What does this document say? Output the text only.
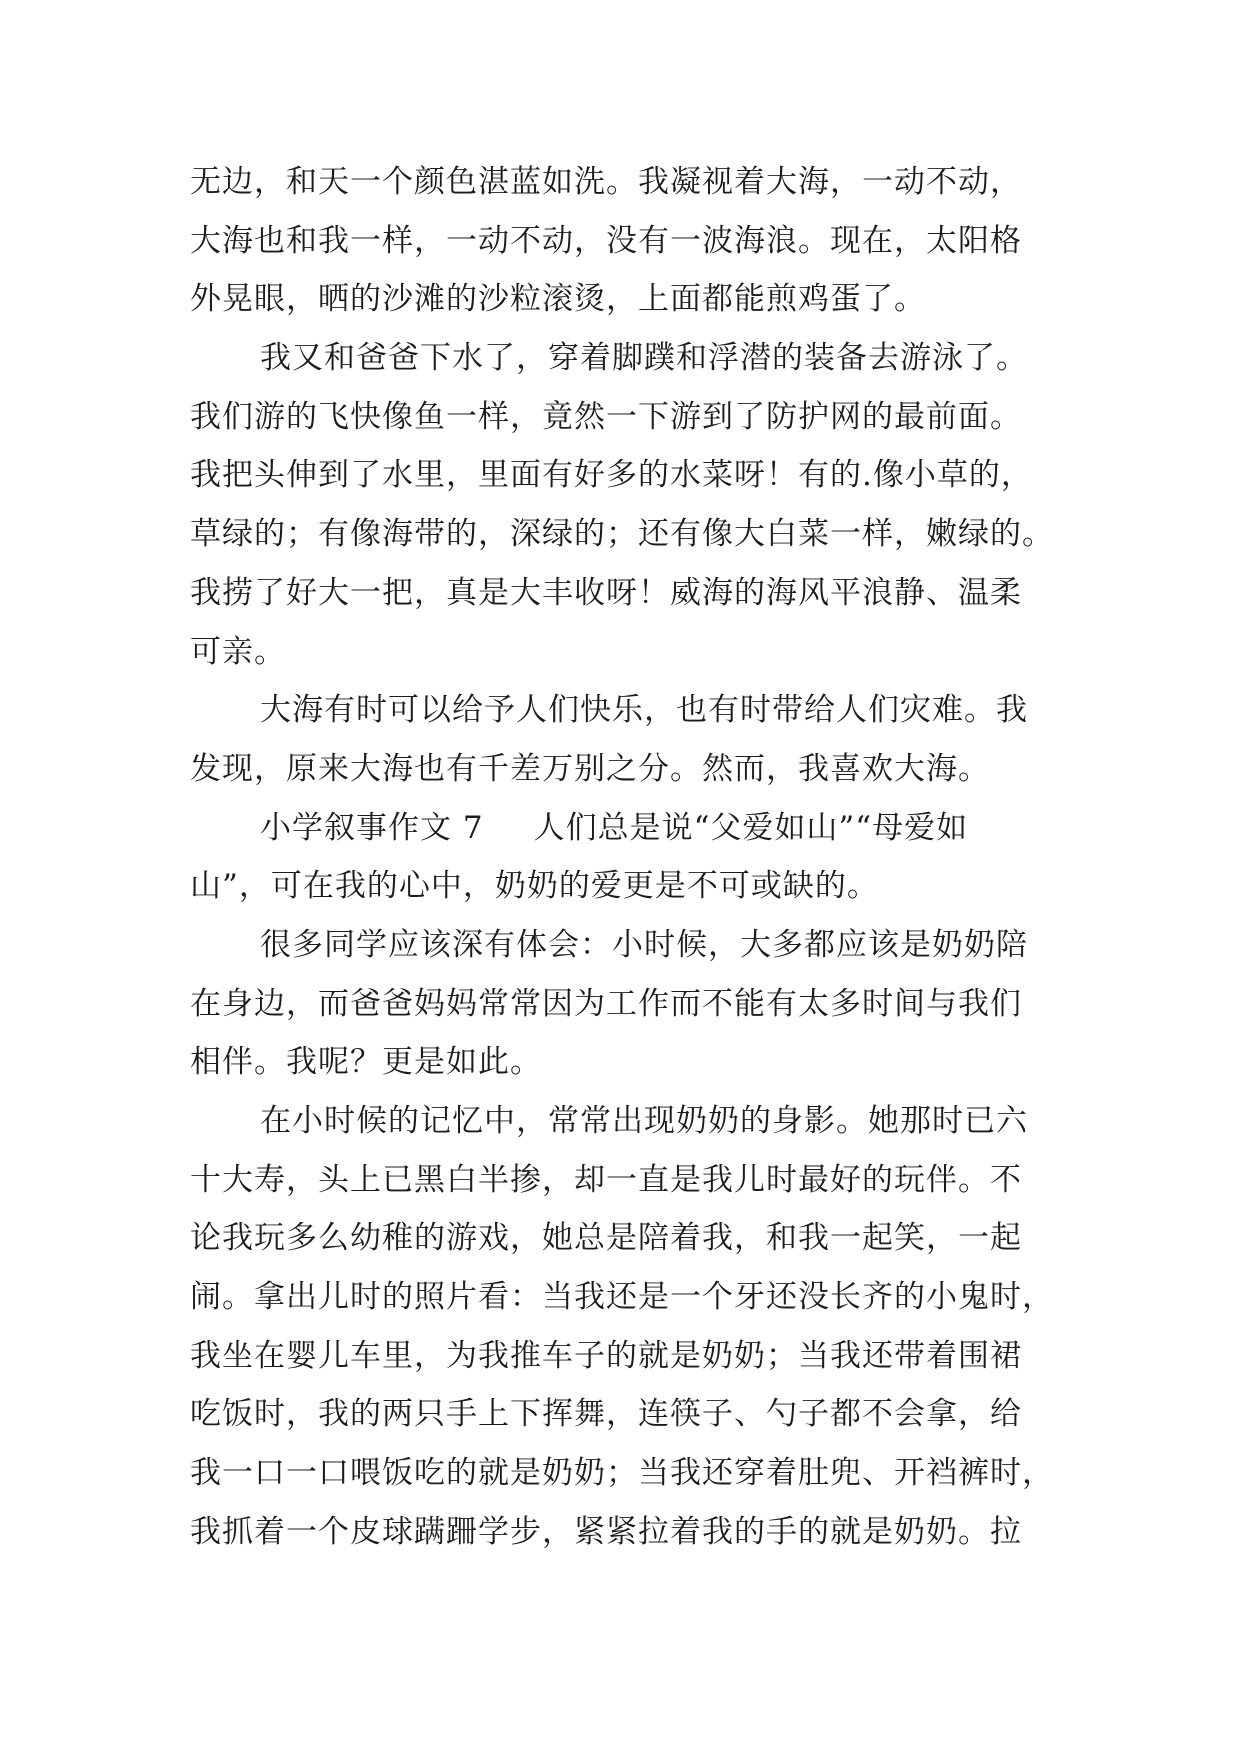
无边，和天一个颜色湛蓝如洗。我凝视着大海，一动不动，
大海也和我一样，一动不动，没有一波海浪。现在，太阳格
外晃眼，晒的沙滩的沙粒滚烫，上面都能煎鸡蛋了。
我又和爸爸下水了，穿着脚蹼和浮潜的装备去游泳了。
我们游的飞快像鱼一样，竟然一下游到了防护网的最前面。
我把头伸到了水里，里面有好多的水菜呀！有的.像小草的，
草绿的；有像海带的，深绿的；还有像大白菜一样，嫩绿的。
我捞了好大一把，真是大丰收呀！威海的海风平浪静、温柔
可亲。
大海有时可以给予人们快乐，也有时带给人们灾难。我
发现，原来大海也有千差万别之分。然而，我喜欢大海。
小学叙事作文 7 人们总是说“父爱如山”“母爱如
山”，可在我的心中，奶奶的爱更是不可或缺的。
很多同学应该深有体会：小时候，大多都应该是奶奶陪
在身边，而爸爸妈妈常常因为工作而不能有太多时间与我们
相伴。我呢？更是如此。
在小时候的记忆中，常常出现奶奶的身影。她那时已六
十大寿，头上已黑白半掺，却一直是我儿时最好的玩伴。不
论我玩多么幼稚的游戏，她总是陪着我，和我一起笑，一起
闹。拿出儿时的照片看：当我还是一个牙还没长齐的小鬼时，
我坐在婴儿车里，为我推车子的就是奶奶；当我还带着围裙
吃饭时，我的两只手上下挥舞，连筷子、勺子都不会拿，给
我一口一口喂饭吃的就是奶奶；当我还穿着肚兜、开裆裤时，
我抓着一个皮球蹒跚学步，紧紧拉着我的手的就是奶奶。拉
